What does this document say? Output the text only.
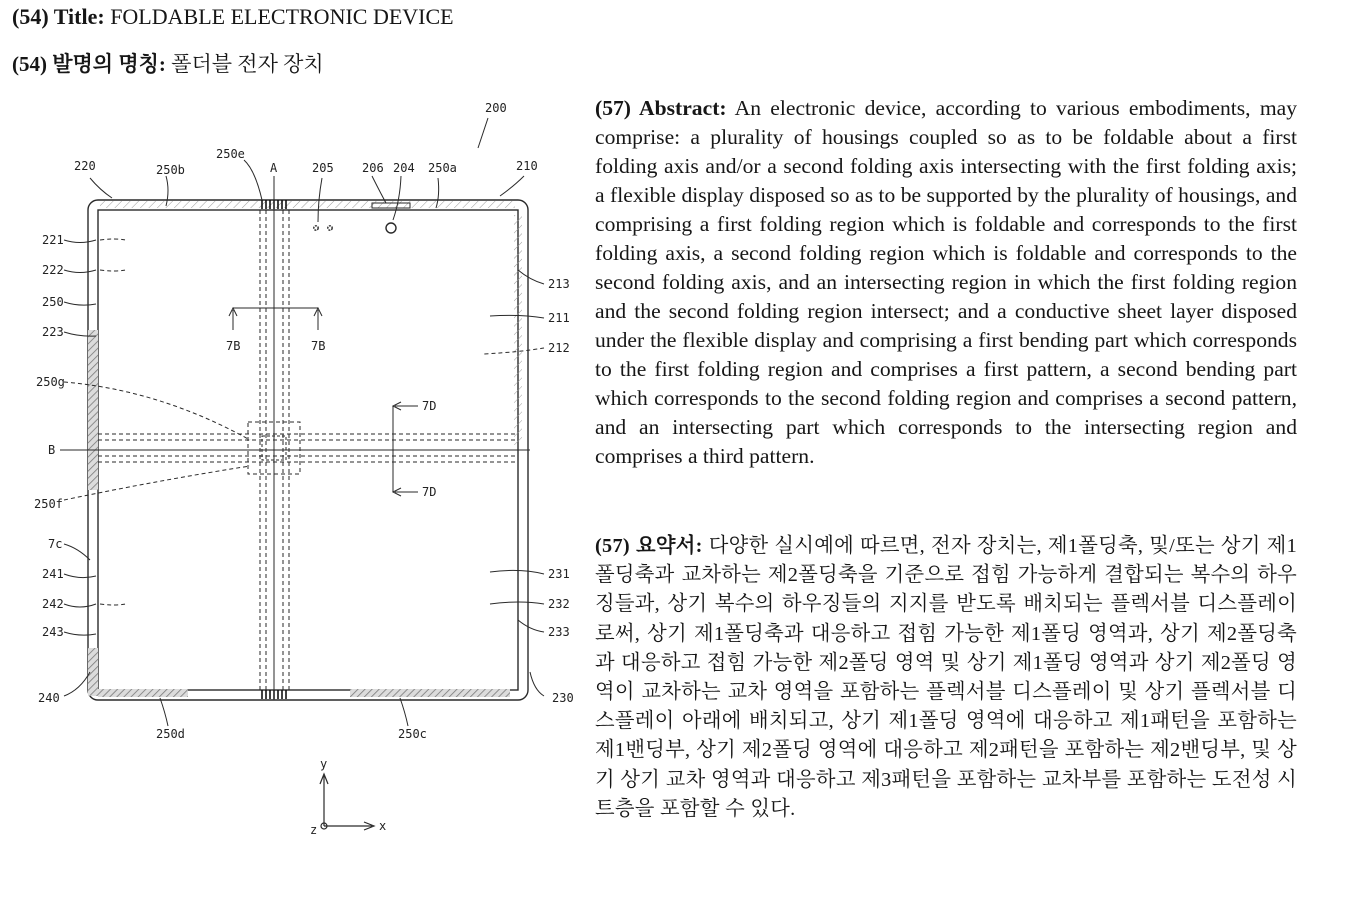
(54) Title: FOLDABLE ELECTRONIC DEVICE
(54) 발명의 명칭: 폴더블 전자 장치
200
220	250b
250e
A	205 206 204 250a	210
221
222
250
223
250g
B
250f
7c
241
242
243
240
213
211
212
231
232
233
230
7B	7B
7D
7D
250d	250c
y
x
z
(57) Abstract: An electronic device, according to various embodiments, may comprise: a plurality of housings coupled so as to be foldable about a first folding axis and/or a second folding axis intersecting with the first folding axis; a flexible display disposed so as to be supported by the plurality of housings, and comprising a first folding region which is foldable and corresponds to the first folding axis, a second folding region which is foldable and corresponds to the second folding axis, and an intersecting region in which the first folding region and the second folding region intersect; and a conductive sheet layer disposed under the flexible display and comprising a first bending part which corresponds to the first folding region and comprises a first pattern, a second bending part which corresponds to the second folding region and comprises a second pattern, and an intersecting part which corresponds to the intersecting region and comprises a third pattern.
(57) 요약서: 다양한 실시예에 따르면, 전자 장치는, 제1폴딩축, 및/또는 상기 제1폴딩축과 교차하는 제2폴딩축을 기준으로 접힘 가능하게 결합되는 복수의 하우징들과, 상기 복수의 하우징들의 지지를 받도록 배치되는 플렉서블 디스플레이로써, 상기 제1폴딩축과 대응하고 접힘 가능한 제1폴딩 영역과, 상기 제2폴딩축과 대응하고 접힘 가능한 제2폴딩 영역 및 상기 제1폴딩 영역과 상기 제2폴딩 영역이 교차하는 교차 영역을 포함하는 플렉서블 디스플레이 및 상기 플렉서블 디스플레이 아래에 배치되고, 상기 제1폴딩 영역에 대응하고 제1패턴을 포함하는 제1밴딩부, 상기 제2폴딩 영역에 대응하고 제2패턴을 포함하는 제2밴딩부, 및 상기 상기 교차 영역과 대응하고 제3패턴을 포함하는 교차부를 포함하는 도전성 시트층을 포함할 수 있다.
